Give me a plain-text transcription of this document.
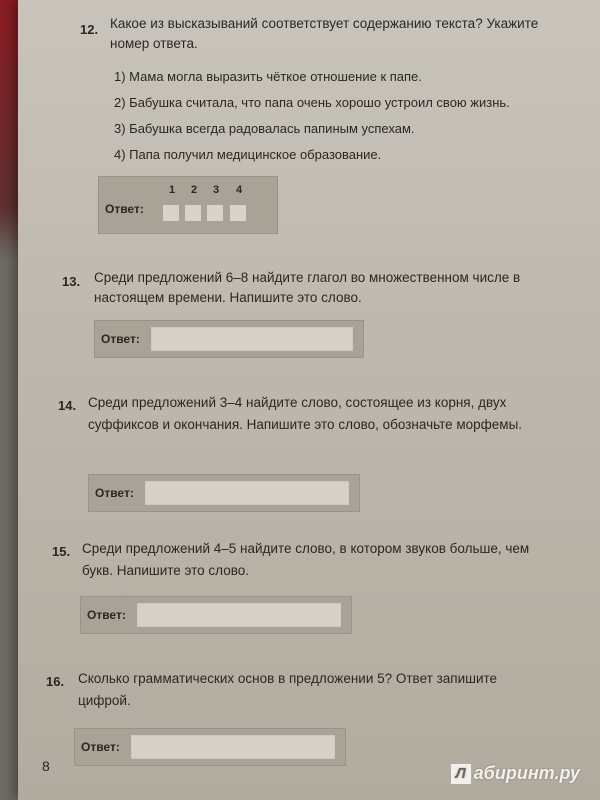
12. Какое из высказываний соответствует содержанию текста? Укажите номер ответа.
1) Мама могла выразить чёткое отношение к папе.
2) Бабушка считала, что папа очень хорошо устроил свою жизнь.
3) Бабушка всегда радовалась папиным успехам.
4) Папа получил медицинское образование.
Ответ:
1 2 3 4
13. Среди предложений 6–8 найдите глагол во множественном числе в настоящем времени. Напишите это слово.
Ответ:
14. Среди предложений 3–4 найдите слово, состоящее из корня, двух суффиксов и окончания. Напишите это слово, обозначьте морфемы.
Ответ:
15. Среди предложений 4–5 найдите слово, в котором звуков больше, чем букв. Напишите это слово.
Ответ:
16. Сколько грамматических основ в предложении 5? Ответ запишите цифрой.
Ответ:
8	Л абиринт.ру
